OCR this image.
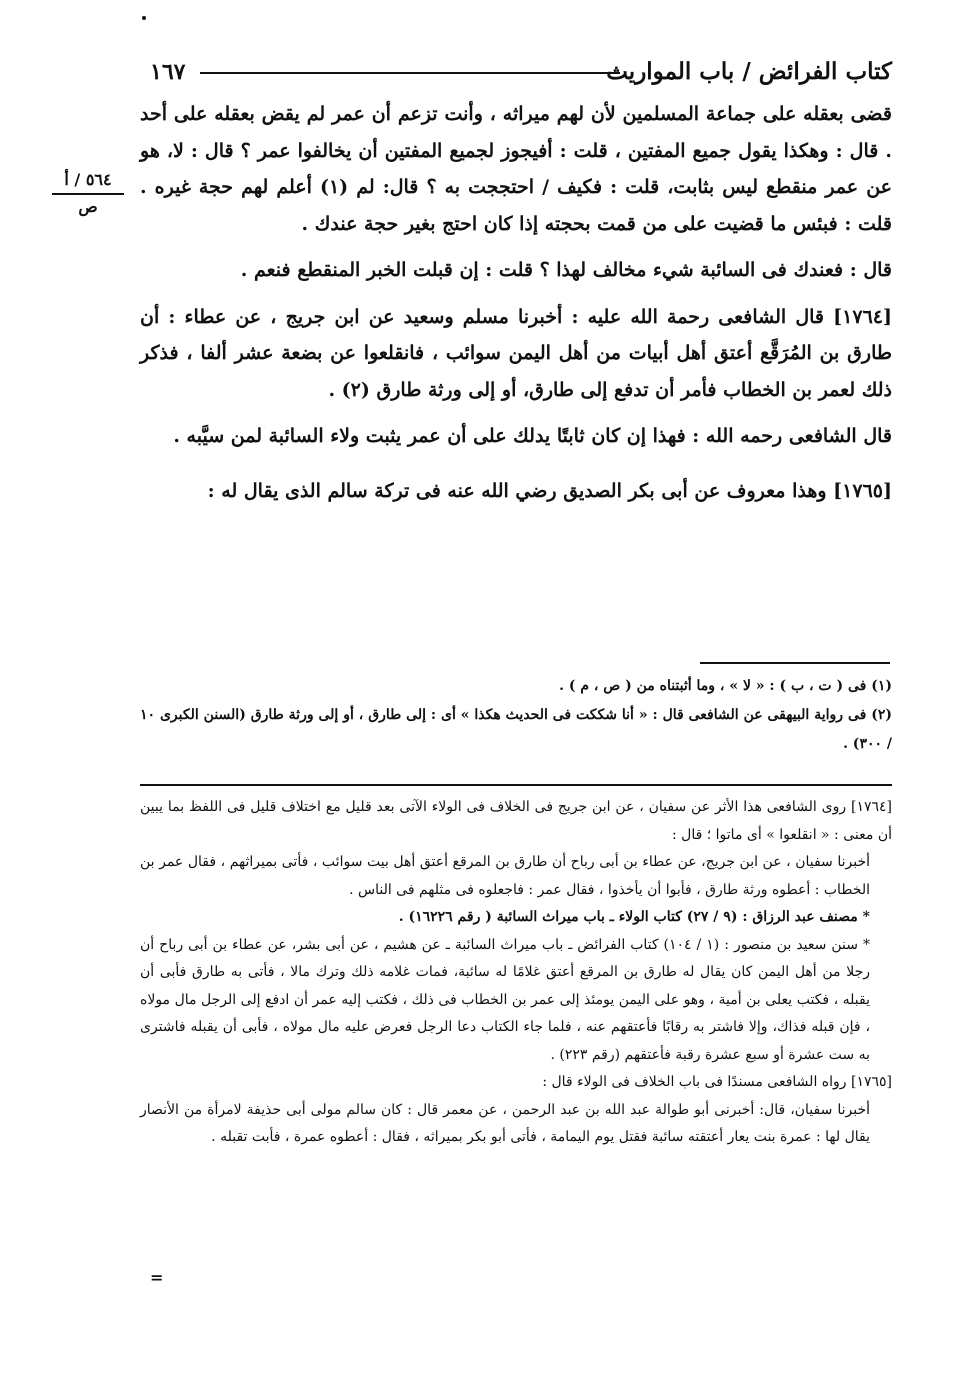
كتاب الفرائض / باب المواريث
١٦٧
٥٦٤ / أ
ص

قضى بعقله على جماعة المسلمين لأن لهم ميراثه ، وأنت تزعم أن عمر لم يقض بعقله على أحد . قال : وهكذا يقول جميع المفتين ، قلت : أفيجوز لجميع المفتين أن يخالفوا عمر ؟ قال : لا، هو عن عمر منقطع ليس بثابت، قلت : فكيف / احتججت به ؟ قال: لم (١) أعلم لهم حجة غيره . قلت : فبئس ما قضيت على من قمت بحجته إذا كان احتج بغير حجة عندك .

قال : فعندك فى السائبة شيء مخالف لهذا ؟ قلت : إن قبلت الخبر المنقطع فنعم .

[١٧٦٤] قال الشافعى رحمة الله عليه : أخبرنا مسلم وسعيد عن ابن جريج ، عن عطاء : أن طارق بن المُرَقَّع أعتق أهل أبيات من أهل اليمن سوائب ، فانقلعوا عن بضعة عشر ألفا ، فذكر ذلك لعمر بن الخطاب فأمر أن تدفع إلى طارق، أو إلى ورثة طارق (٢) .

قال الشافعى رحمه الله : فهذا إن كان ثابتًا يدلك على أن عمر يثبت ولاء السائبة لمن سيَّبه .

[١٧٦٥] وهذا معروف عن أبى بكر الصديق رضي الله عنه فى تركة سالم الذى يقال له :

(١) فى ( ت ، ب ) : « لا » ، وما أثبتناه من ( ص ، م ) .

(٢) فى رواية البيهقى عن الشافعى قال : « أنا شككت فى الحديث هكذا » أى : إلى طارق ، أو إلى ورثة طارق (السنن الكبرى ١٠ / ٣٠٠) .

[١٧٦٤] روى الشافعى هذا الأثر عن سفيان ، عن ابن جريج فى الخلاف فى الولاء الآتى بعد قليل مع اختلاف قليل فى اللفظ بما يبين أن معنى : « انقلعوا » أى ماتوا ؛ قال :

أخبرنا سفيان ، عن ابن جريج، عن عطاء بن أبى رباح أن طارق بن المرقع أعتق أهل بيت سوائب ، فأتى بميراثهم ، فقال عمر بن الخطاب : أعطوه ورثة طارق ، فأبوا أن يأخذوا ، فقال عمر : فاجعلوه فى مثلهم فى الناس .

* مصنف عبد الرزاق : (٩ / ٢٧) كتاب الولاء ـ باب ميراث السائبة ( رقم ١٦٢٢٦) .

* سنن سعيد بن منصور : (١ / ١٠٤) كتاب الفرائض ـ باب ميراث السائبة ـ عن هشيم ، عن أبى بشر، عن عطاء بن أبى رباح أن رجلا من أهل اليمن كان يقال له طارق بن المرقع أعتق غلامًا له سائبة، فمات غلامه ذلك وترك مالا ، فأتى به طارق فأبى أن يقبله ، فكتب يعلى بن أمية ، وهو على اليمن يومئذ إلى عمر بن الخطاب فى ذلك ، فكتب إليه عمر أن ادفع إلى الرجل مال مولاه ، فإن قبله فذاك، وإلا فاشتر به رقابًا فأعتقهم عنه ، فلما جاء الكتاب دعا الرجل فعرض عليه مال مولاه ، فأبى أن يقبله فاشترى به ست عشرة أو سبع عشرة رقبة فأعتقهم (رقم ٢٢٣) .

[١٧٦٥] رواه الشافعى مسندًا فى باب الخلاف فى الولاء قال :

أخبرنا سفيان، قال: أخبرنى أبو طوالة عبد الله بن عبد الرحمن ، عن معمر قال : كان سالم مولى أبى حذيفة لامرأة من الأنصار يقال لها : عمرة بنت يعار أعتقته سائبة فقتل يوم اليمامة ، فأتى أبو بكر بميراثه ، فقال : أعطوه عمرة ، فأبت تقبله .

=
